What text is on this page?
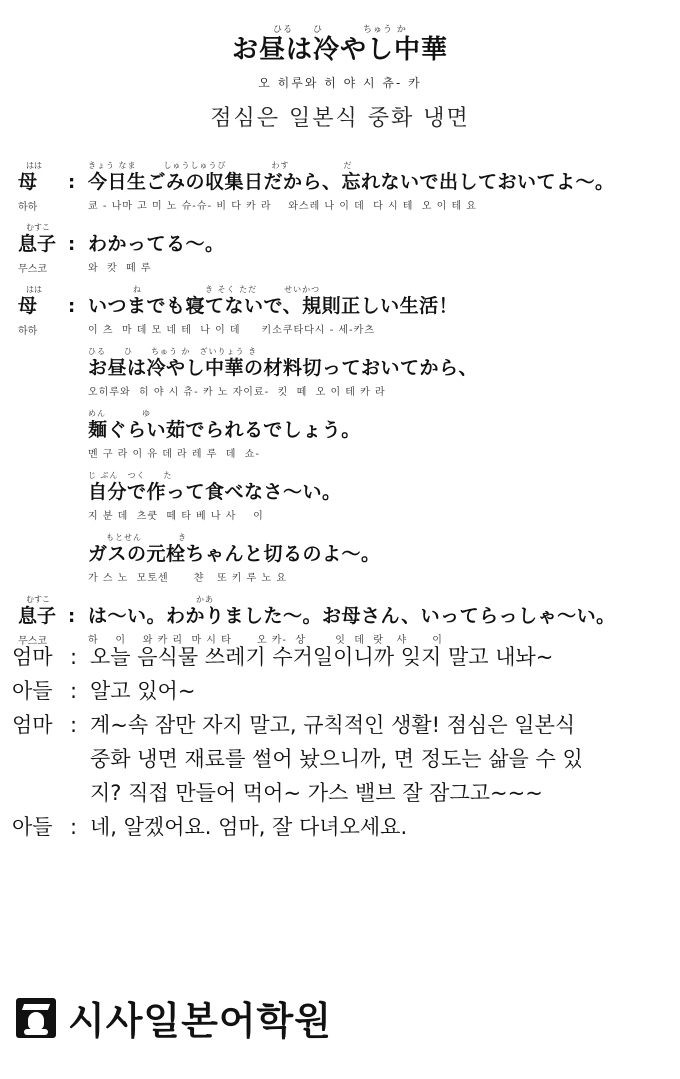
ひる　　ひ　　　　ちゅう か
お昼は冷やし中華
오 히루와 히 야 시 츄- 카
점심은 일본식 중화 냉면
はは
母
하하
:
きょう なま　　　しゅうしゅうび　　　　　わす　　　　　　だ
今日生ごみの収集日だから、忘れないで出しておいてよ～。
쿄 - 나마 고 미 노 슈-슈- 비 다 카 라    와스레 나 이 데  다 시 테  오 이 테 요
むすこ
息子
무스코
: わかってる～。
와  캇  떼 루
はは
母
하하
:
　　　　　ね　　　　　　　き そく ただ　　　せいかつ
いつまでも寝てないで、規則正しい生活！
이 츠  마 데 모 네 테  나 이 데     키소쿠타다시 - 세-카츠
ひる　　ひ　　ちゅう か　ざいりょう き
お昼は冷やし中華の材料切っておいてから、
오히루와  히 야 시 츄- 카 노 자이료-  킷  떼  오 이 테 카 라
めん　　　　ゆ
麺ぐらい茹でられるでしょう。
멘 구 라 이 유 데 라 레 루  데  쇼-
じ ぶん　つく　　た
自分で作って食べなさ～い。
지 분 데  츠쿳  떼 타 베 나 사    이
　　もとせん　　　　き
ガスの元栓ちゃんと切るのよ～。
가 스 노  모토센      챤   또 키 루 노 요
むすこ
息子
무스코
:
　　　　　　　　　　　　かあ
は～い。わかりました～。お母さん、いってらっしゃ～い。
하    이    와 카 리  마 시 타      오 카-  상       잇  데  랏   샤      이
엄마 : 오늘 음식물 쓰레기 수거일이니까 잊지 말고 내놔~
아들 : 알고 있어~
엄마 : 계~속 잠만 자지 말고, 규칙적인 생활! 점심은 일본식
중화 냉면 재료를 썰어 놨으니까, 면 정도는 삶을 수 있
지? 직접 만들어 먹어~ 가스 밸브 잘 잠그고~~~
아들 : 네, 알겠어요. 엄마, 잘 다녀오세요.
시사일본어학원
